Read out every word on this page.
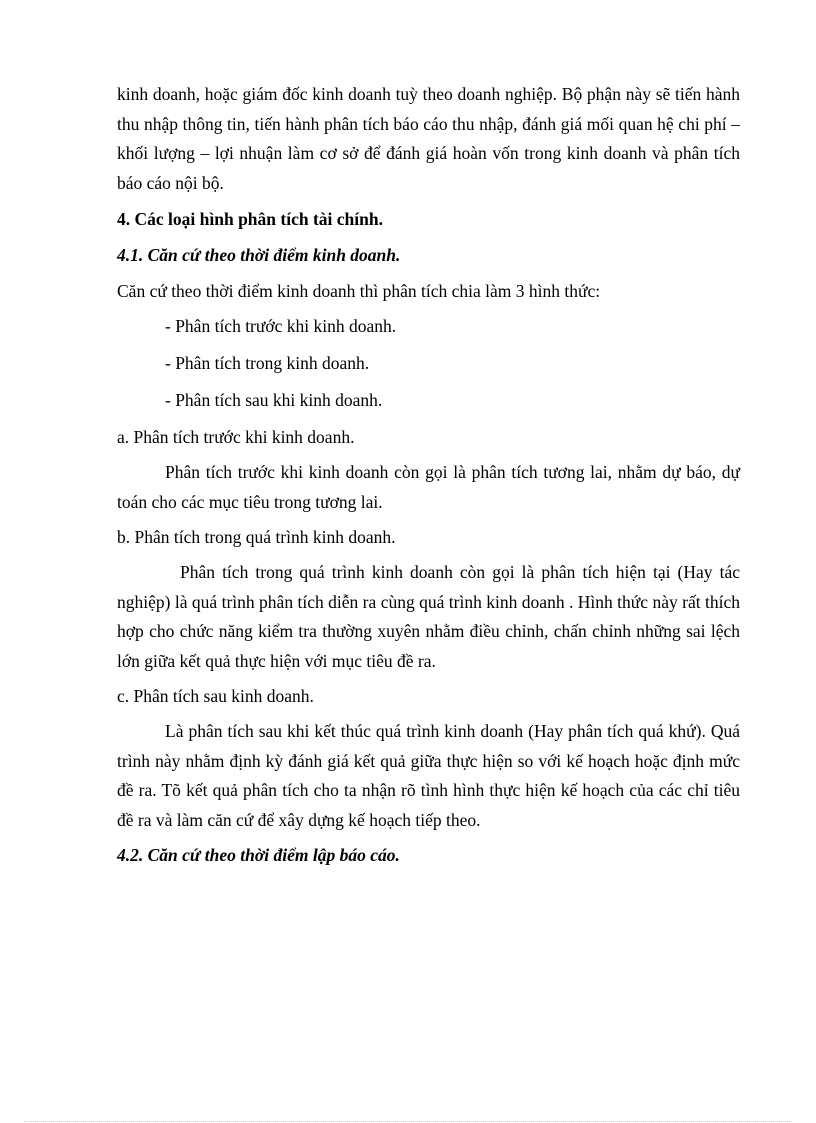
kinh doanh, hoặc giám đốc kinh doanh tuỳ theo doanh nghiệp. Bộ phận này sẽ tiến hành thu nhập thông tin, tiến hành phân tích báo cáo thu nhập, đánh giá mối quan hệ chi phí – khối lượng – lợi nhuận làm cơ sở để đánh giá hoàn vốn trong kinh doanh và phân tích báo cáo nội bộ.

4. Các loại hình phân tích tài chính.
4.1. Căn cứ theo thời điểm kinh doanh.
Căn cứ theo thời điểm kinh doanh thì phân tích chia làm 3 hình thức:
- Phân tích trước khi kinh doanh.
- Phân tích trong kinh doanh.
- Phân tích sau khi kinh doanh.
a. Phân tích trước khi kinh doanh.

Phân tích trước khi kinh doanh còn gọi là phân tích tương lai, nhằm dự báo, dự toán cho các mục tiêu trong tương lai.

b. Phân tích trong quá trình kinh doanh.

Phân tích trong quá trình kinh doanh còn gọi là phân tích hiện tại (Hay tác nghiệp) là quá trình phân tích diễn ra cùng quá trình kinh doanh . Hình thức này rất thích hợp cho chức năng kiểm tra thường xuyên nhằm điều chỉnh, chấn chỉnh những sai lệch lớn giữa kết quả thực hiện với mục tiêu đề ra.

c. Phân tích sau kinh doanh.

Là phân tích sau khi kết thúc quá trình kinh doanh (Hay phân tích quá khứ). Quá trình này nhằm định kỳ đánh giá kết quả giữa thực hiện so với kế hoạch hoặc định mức đề ra. Tõ kết quả phân tích cho ta nhận rõ tình hình thực hiện kế hoạch của các chỉ tiêu đề ra và làm căn cứ để xây dựng kế hoạch tiếp theo.

4.2. Căn cứ theo thời điểm lập báo cáo.
